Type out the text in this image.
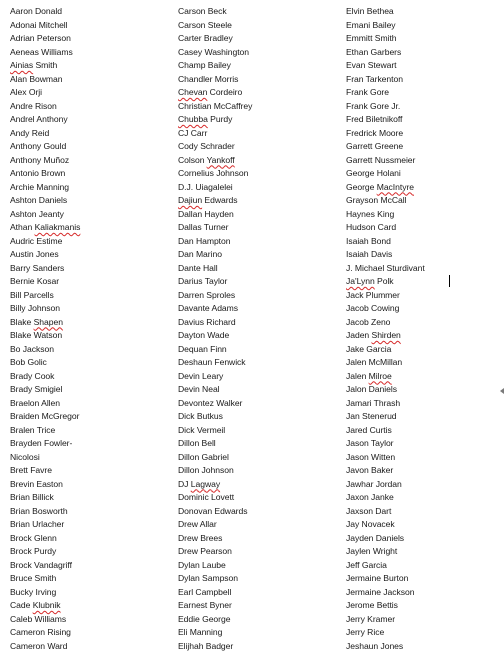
Aaron Donald
Adonai Mitchell
Adrian Peterson
Aeneas Williams
Ainias Smith
Alan Bowman
Alex Orji
Andre Rison
Andrel Anthony
Andy Reid
Anthony Gould
Anthony Muñoz
Antonio Brown
Archie Manning
Ashton Daniels
Ashton Jeanty
Athan Kaliakmanis
Audric Estime
Austin Jones
Barry Sanders
Bernie Kosar
Bill Parcells
Billy Johnson
Blake Shapen
Blake Watson
Bo Jackson
Bob Golic
Brady Cook
Brady Smigiel
Braelon Allen
Braiden McGregor
Bralen Trice
Brayden Fowler-Nicolosi
Brett Favre
Brevin Easton
Brian Billick
Brian Bosworth
Brian Urlacher
Brock Glenn
Brock Purdy
Brock Vandagriff
Bruce Smith
Bucky Irving
Cade Klubnik
Caleb Williams
Cameron Rising
Cameron Ward
Carson Beck
Carson Steele
Carter Bradley
Casey Washington
Champ Bailey
Chandler Morris
Chevan Cordeiro
Christian McCaffrey
Chubba Purdy
CJ Carr
Cody Schrader
Colson Yankoff
Cornelius Johnson
D.J. Uiagalelei
Dajiun Edwards
Dallan Hayden
Dallas Turner
Dan Hampton
Dan Marino
Dante Hall
Darius Taylor
Darren Sproles
Davante Adams
Davius Richard
Dayton Wade
Dequan Finn
Deshaun Fenwick
Devin Leary
Devin Neal
Devontez Walker
Dick Butkus
Dick Vermeil
Dillon Bell
Dillon Gabriel
Dillon Johnson
DJ Lagway
Dominic Lovett
Donovan Edwards
Drew Allar
Drew Brees
Drew Pearson
Dylan Laube
Dylan Sampson
Earl Campbell
Earnest Byner
Eddie George
Eli Manning
Elijhah Badger
Elvin Bethea
Emani Bailey
Emmitt Smith
Ethan Garbers
Evan Stewart
Fran Tarkenton
Frank Gore
Frank Gore Jr.
Fred Biletnikoff
Fredrick Moore
Garrett Greene
Garrett Nussmeier
George Holani
George MacIntyre
Grayson McCall
Haynes King
Hudson Card
Isaiah Bond
Isaiah Davis
J. Michael Sturdivant
Ja'Lynn Polk
Jack Plummer
Jacob Cowing
Jacob Zeno
Jaden Shirden
Jake Garcia
Jalen McMillan
Jalen Milroe
Jalon Daniels
Jamari Thrash
Jan Stenerud
Jared Curtis
Jason Taylor
Jason Witten
Javon Baker
Jawhar Jordan
Jaxon Janke
Jaxson Dart
Jay Novacek
Jayden Daniels
Jaylen Wright
Jeff Garcia
Jermaine Burton
Jermaine Jackson
Jerome Bettis
Jerry Kramer
Jerry Rice
Jeshaun Jones
